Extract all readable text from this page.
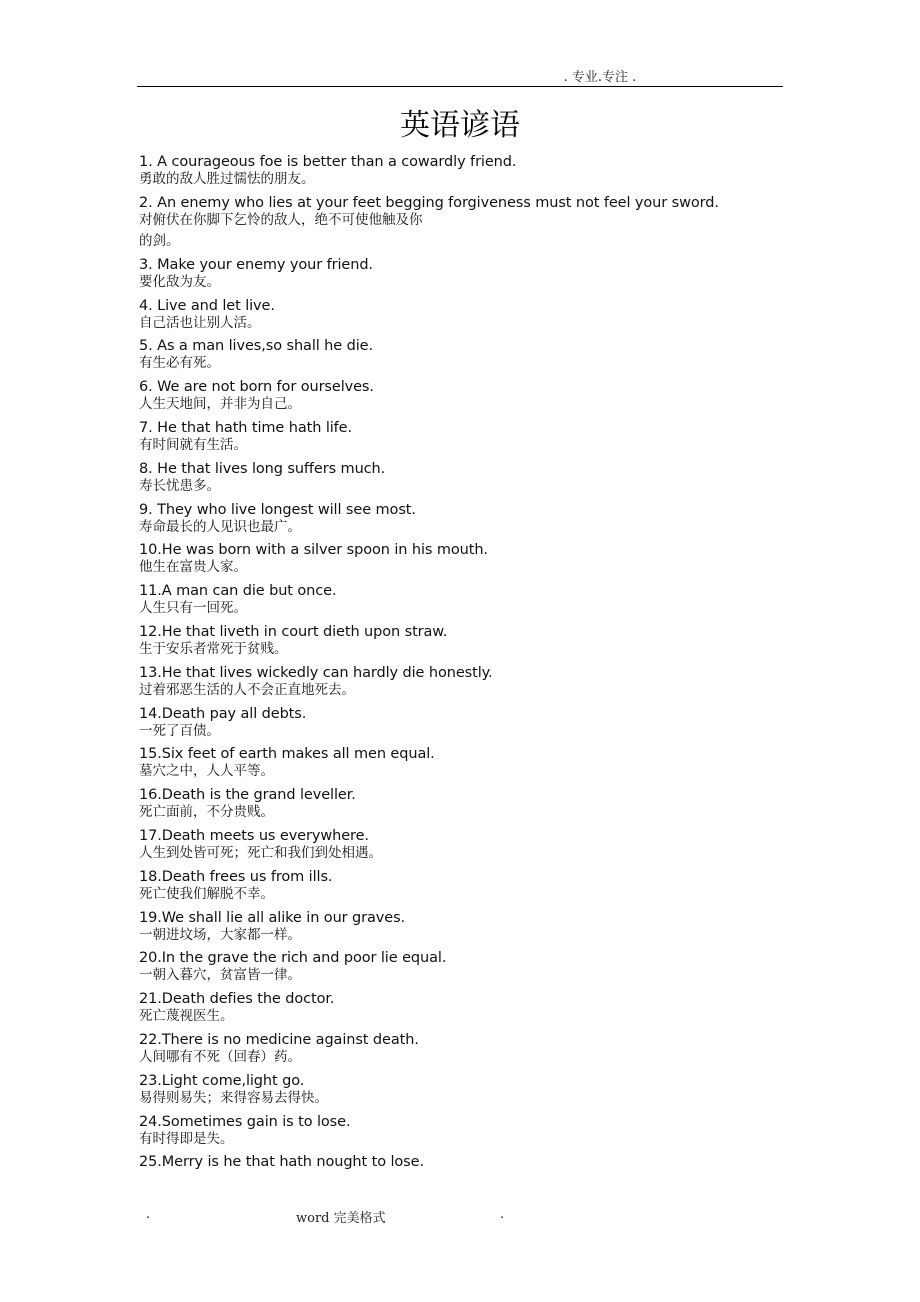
. 专业.专注 .
英语谚语
1. A courageous foe is better than a cowardly friend.
勇敢的敌人胜过懦怯的朋友。
2. An enemy who lies at your feet begging forgiveness must not feel your sword.
对俯伏在你脚下乞怜的敌人，绝不可使他触及你
的剑。
3. Make your enemy your friend.
要化敌为友。
4. Live and let live.
自己活也让别人活。
5. As a man lives,so shall he die.
有生必有死。
6. We are not born for ourselves.
人生天地间，并非为自己。
7. He that hath time hath life.
有时间就有生活。
8. He that lives long suffers much.
寿长忧患多。
9. They who live longest will see most.
寿命最长的人见识也最广。
10.He was born with a silver spoon in his mouth.
他生在富贵人家。
11.A man can die but once.
人生只有一回死。
12.He that liveth in court dieth upon straw.
生于安乐者常死于贫贱。
13.He that lives wickedly can hardly die honestly.
过着邪恶生活的人不会正直地死去。
14.Death pay all debts.
一死了百债。
15.Six feet of earth makes all men equal.
墓穴之中，人人平等。
16.Death is the grand leveller.
死亡面前，不分贵贱。
17.Death meets us everywhere.
人生到处皆可死；死亡和我们到处相遇。
18.Death frees us from ills.
死亡使我们解脱不幸。
19.We shall lie all alike in our graves.
一朝进坟场，大家都一样。
20.In the grave the rich and poor lie equal.
一朝入暮穴，贫富皆一律。
21.Death defies the doctor.
死亡蔑视医生。
22.There is no medicine against death.
人间哪有不死（回春）药。
23.Light come,light go.
易得则易失；来得容易去得快。
24.Sometimes gain is to lose.
有时得即是失。
25.Merry is he that hath nought to lose.
.	word 完美格式	.
